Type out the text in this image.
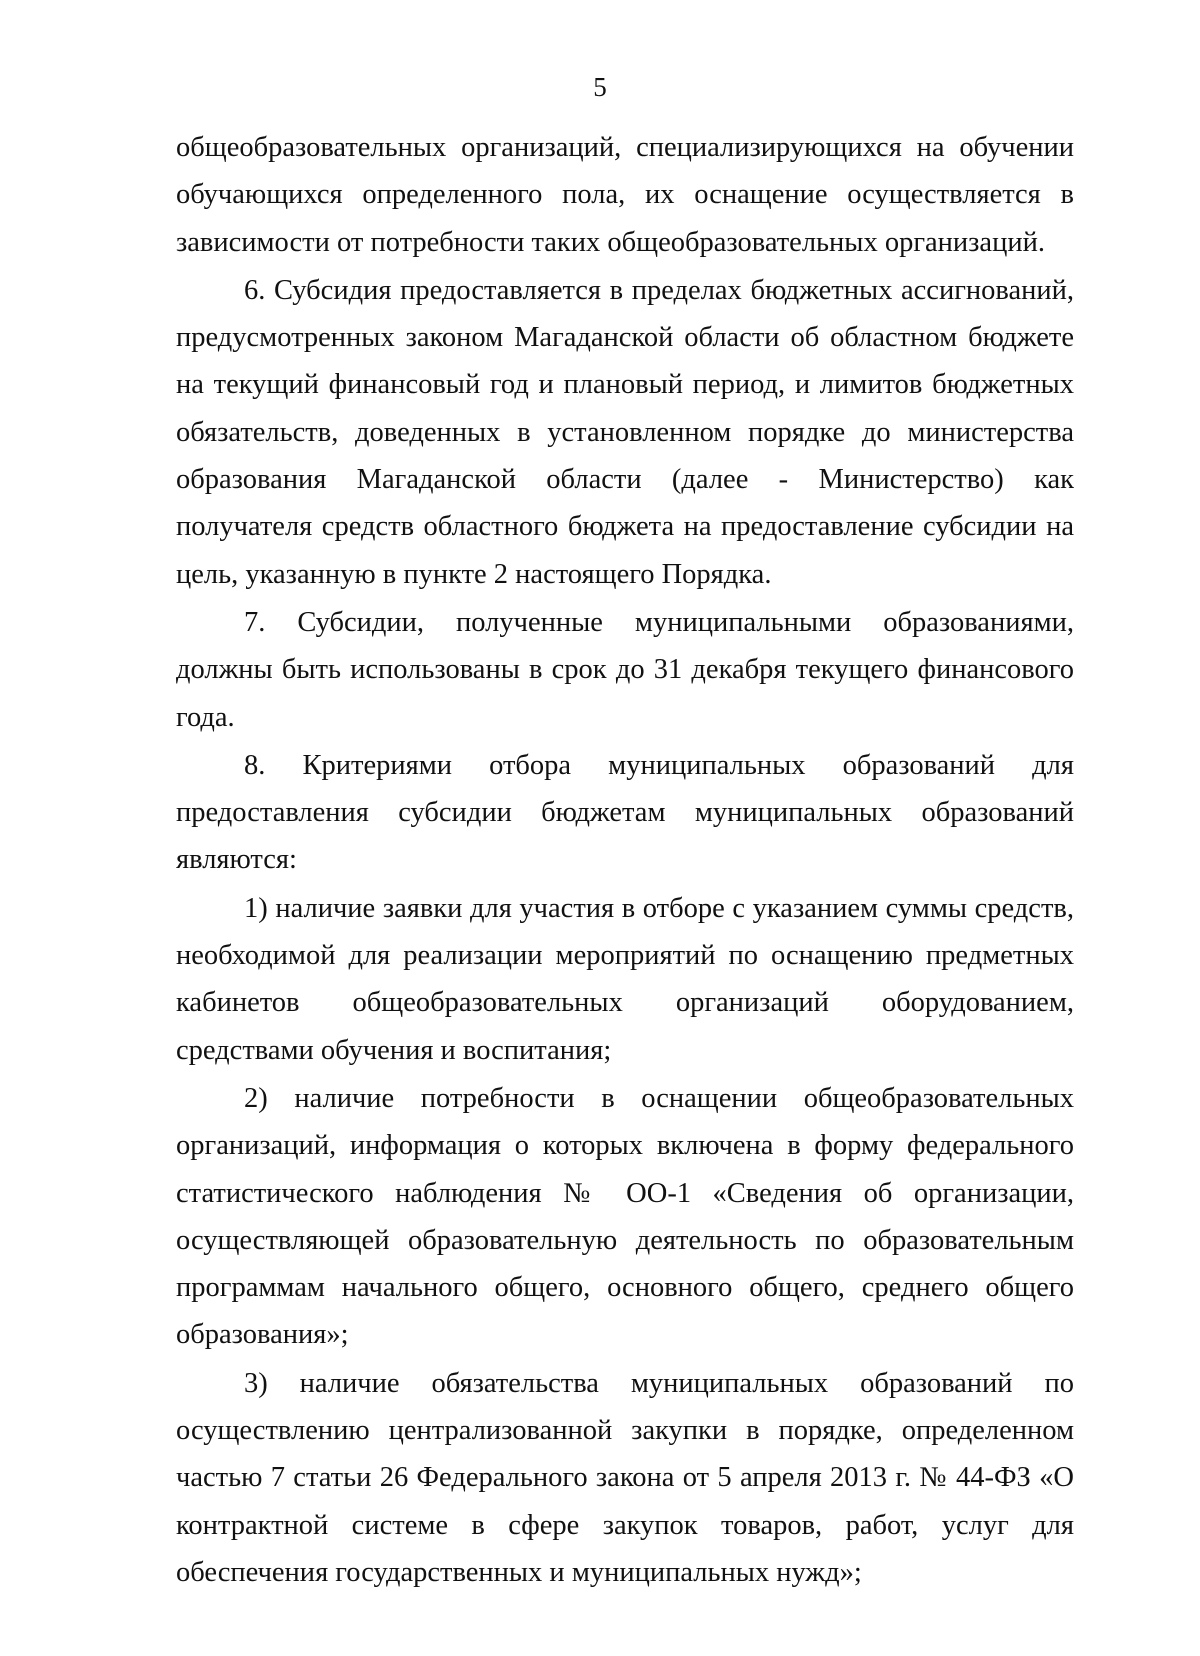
5

общеобразовательных организаций, специализирующихся на обучении обучающихся определенного пола, их оснащение осуществляется в зависимости от потребности таких общеобразовательных организаций.

6. Субсидия предоставляется в пределах бюджетных ассигнований, предусмотренных законом Магаданской области об областном бюджете на текущий финансовый год и плановый период, и лимитов бюджетных обязательств, доведенных в установленном порядке до министерства образования Магаданской области (далее - Министерство) как получателя средств областного бюджета на предоставление субсидии на цель, указанную в пункте 2 настоящего Порядка.

7. Субсидии, полученные муниципальными образованиями, должны быть использованы в срок до 31 декабря текущего финансового года.

8. Критериями отбора муниципальных образований для предоставления субсидии бюджетам муниципальных образований являются:

1) наличие заявки для участия в отборе с указанием суммы средств, необходимой для реализации мероприятий по оснащению предметных кабинетов общеобразовательных организаций оборудованием, средствами обучения и воспитания;

2) наличие потребности в оснащении общеобразовательных организаций, информация о которых включена в форму федерального статистического наблюдения № ОО-1 «Сведения об организации, осуществляющей образовательную деятельность по образовательным программам начального общего, основного общего, среднего общего образования»;

3) наличие обязательства муниципальных образований по осуществлению централизованной закупки в порядке, определенном частью 7 статьи 26 Федерального закона от 5 апреля 2013 г. № 44-ФЗ «О контрактной системе в сфере закупок товаров, работ, услуг для обеспечения государственных и муниципальных нужд»;
